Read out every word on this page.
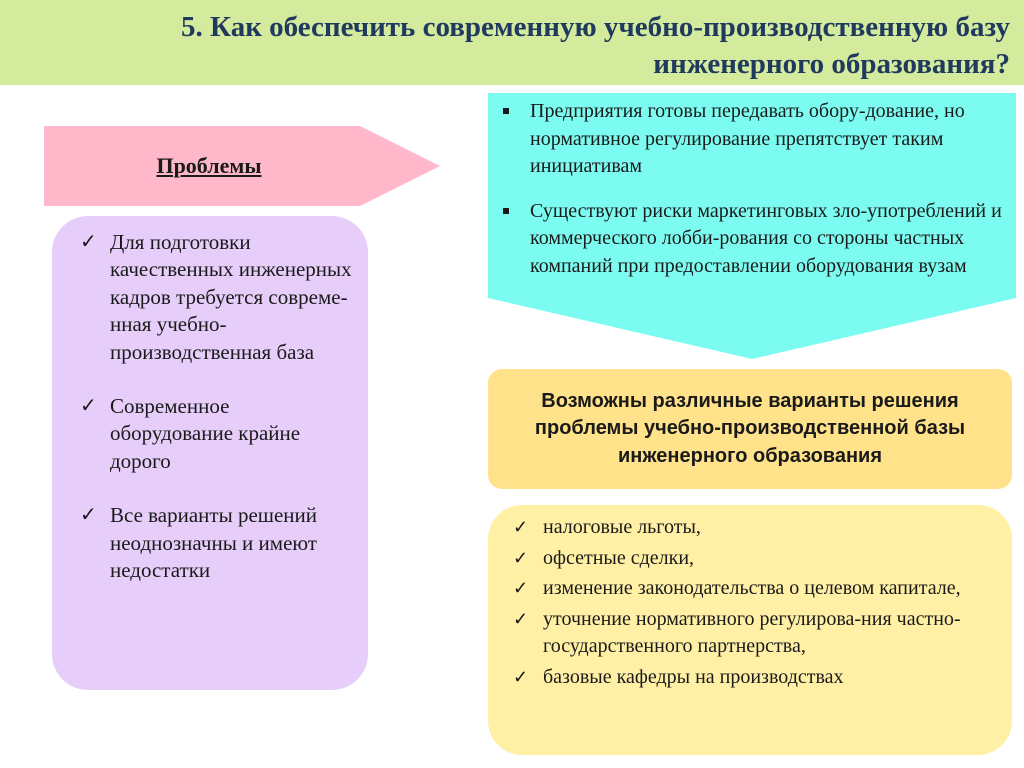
5. Как обеспечить современную учебно-производственную базу
инженерного образования?
Проблемы
✓ Для подготовки качественных инженерных кадров требуется совреме-нная учебно-производственная база
✓ Современное оборудование крайне дорого
✓ Все варианты решений неоднозначны и имеют недостатки
Предприятия готовы передавать обору-дование, но нормативное регулирование препятствует таким инициативам
Существуют риски маркетинговых зло-употреблений и коммерческого лобби-рования со стороны частных компаний при предоставлении оборудования вузам
Возможны различные варианты решения проблемы учебно-производственной базы инженерного образования
✓ налоговые льготы,
✓ офсетные сделки,
✓ изменение законодательства о целевом капитале,
✓ уточнение нормативного регулирова-ния частно-государственного партнерства,
✓ базовые кафедры на производствах
